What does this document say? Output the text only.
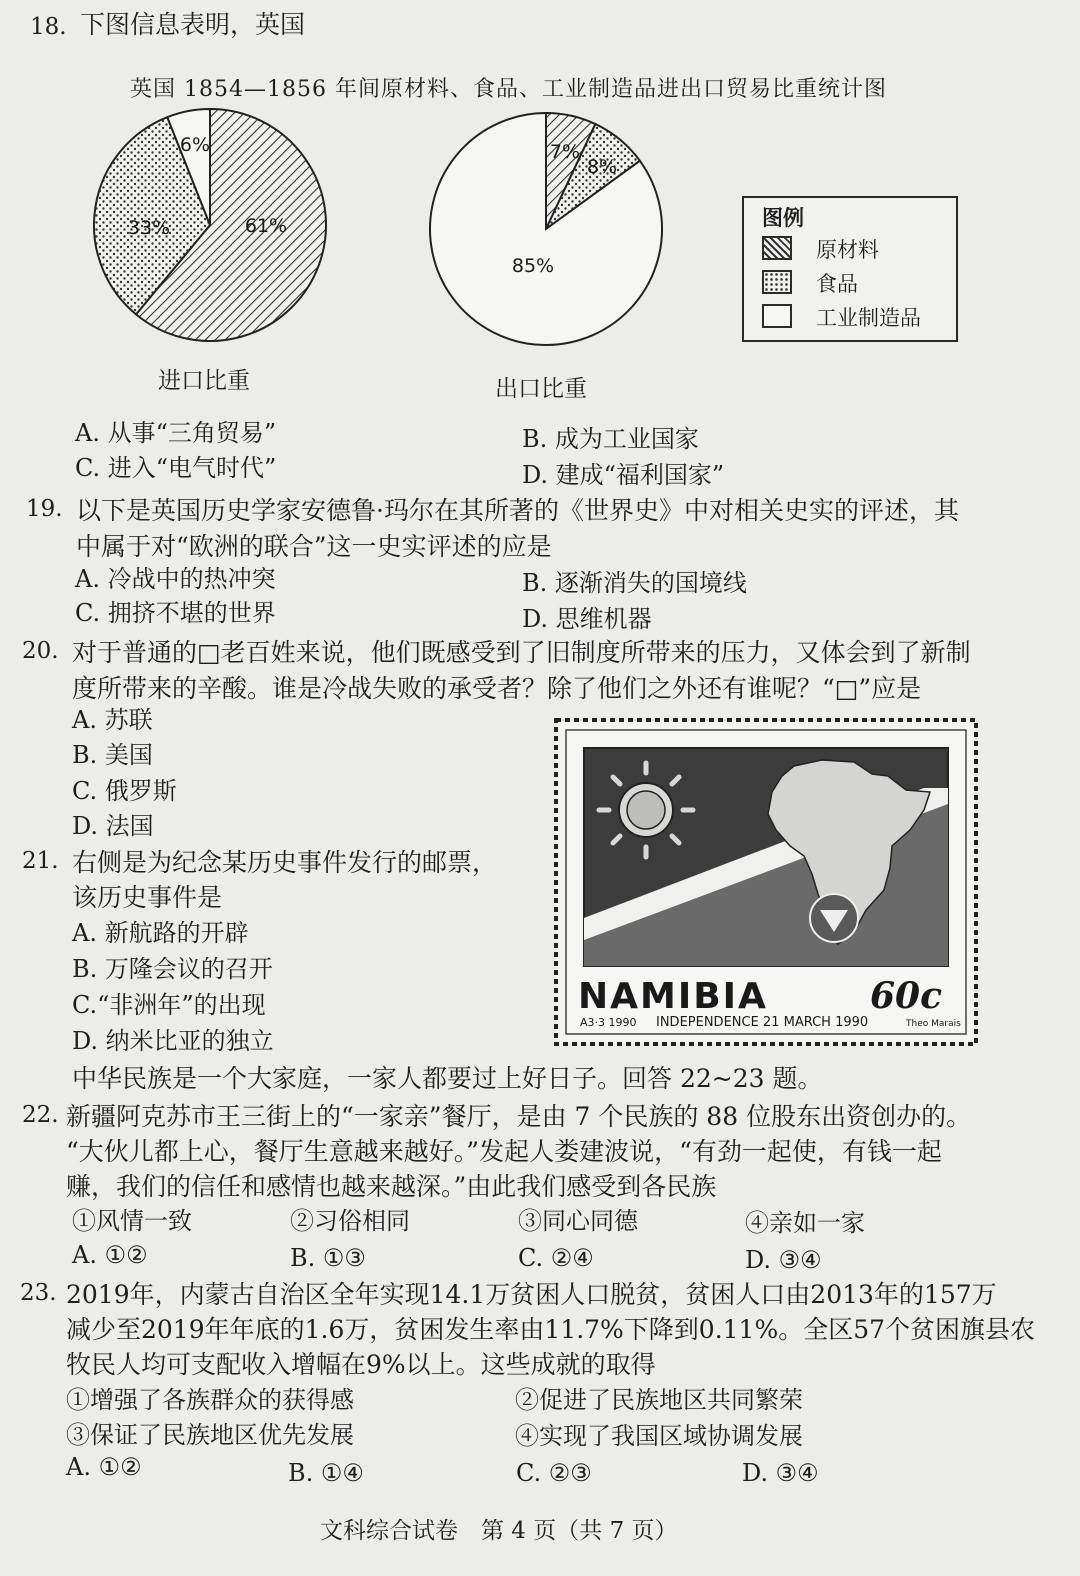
18. 下图信息表明，英国
英国 1854—1856 年间原材料、食品、工业制造品进出口贸易比重统计图
61%
33%
6%	7%
8%
85%
进口比重	出口比重
图例
原材料
食品
工业制造品
A. 从事“三角贸易”	B. 成为工业国家
C. 进入“电气时代”	D. 建成“福利国家”
19. 以下是英国历史学家安德鲁·玛尔在其所著的《世界史》中对相关史实的评述，其
中属于对“欧洲的联合”这一史实评述的应是
A. 冷战中的热冲突	B. 逐渐消失的国境线
C. 拥挤不堪的世界	D. 思维机器
20. 对于普通的□老百姓来说，他们既感受到了旧制度所带来的压力，又体会到了新制
度所带来的辛酸。谁是冷战失败的承受者？除了他们之外还有谁呢？“□”应是
A. 苏联
B. 美国
C. 俄罗斯
D. 法国
21. 右侧是为纪念某历史事件发行的邮票，
该历史事件是
A. 新航路的开辟
B. 万隆会议的召开
C.“非洲年”的出现
D. 纳米比亚的独立
NAMIBIA	60c
A3·3 1990 INDEPENDENCE 21 MARCH 1990	Theo Marais
中华民族是一个大家庭，一家人都要过上好日子。回答 22~23 题。
22. 新疆阿克苏市王三街上的“一家亲”餐厅，是由 7 个民族的 88 位股东出资创办的。
“大伙儿都上心，餐厅生意越来越好。”发起人娄建波说，“有劲一起使，有钱一起
赚，我们的信任和感情也越来越深。”由此我们感受到各民族
①风情一致	②习俗相同	③同心同德	④亲如一家
A. ①②	B. ①③	C. ②④	D. ③④
23. 2019年，内蒙古自治区全年实现14.1万贫困人口脱贫，贫困人口由2013年的157万
减少至2019年年底的1.6万，贫困发生率由11.7%下降到0.11%。全区57个贫困旗县农
牧民人均可支配收入增幅在9%以上。这些成就的取得
①增强了各族群众的获得感	②促进了民族地区共同繁荣
③保证了民族地区优先发展	④实现了我国区域协调发展
A. ①②	B. ①④	C. ②③	D. ③④
文科综合试卷　第 4 页（共 7 页）
